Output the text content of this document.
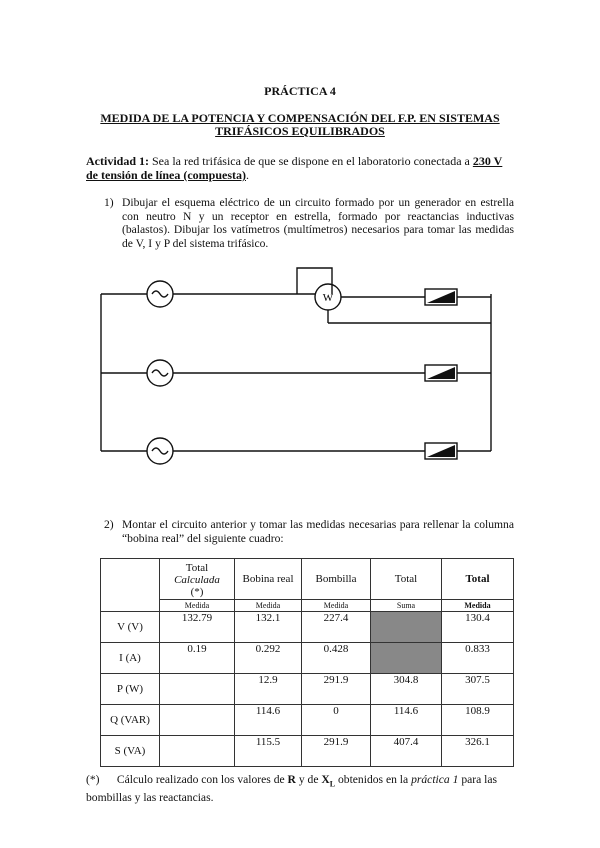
PRÁCTICA 4
MEDIDA DE LA POTENCIA Y COMPENSACIÓN DEL F.P. EN SISTEMAS
TRIFÁSICOS EQUILIBRADOS
Actividad 1: Sea la red trifásica de que se dispone en el laboratorio conectada a 230 V
de tensión de línea (compuesta).
1) Dibujar el esquema eléctrico de un circuito formado por un generador en estrella con neutro N y un receptor en estrella, formado por reactancias inductivas (balastos). Dibujar los vatímetros (multímetros) necesarios para tomar las medidas de V, I y P del sistema trifásico.
W
2) Montar el circuito anterior y tomar las medidas necesarias para rellenar la columna “bobina real” del siguiente cuadro:

	Total
Calculada
(*)	Bobina real	Bombilla	Total	Total
	Medida	Medida	Medida	Suma	Medida
V (V)	132.79	132.1	227.4		130.4
I (A)	0.19	0.292	0.428		0.833
P (W)		12.9	291.9	304.8	307.5
Q (VAR)		114.6	0	114.6	108.9
S (VA)		115.5	291.9	407.4	326.1
(*) Cálculo realizado con los valores de R y de $X_L$ obtenidos en la práctica 1 para las
bombillas y las reactancias.
